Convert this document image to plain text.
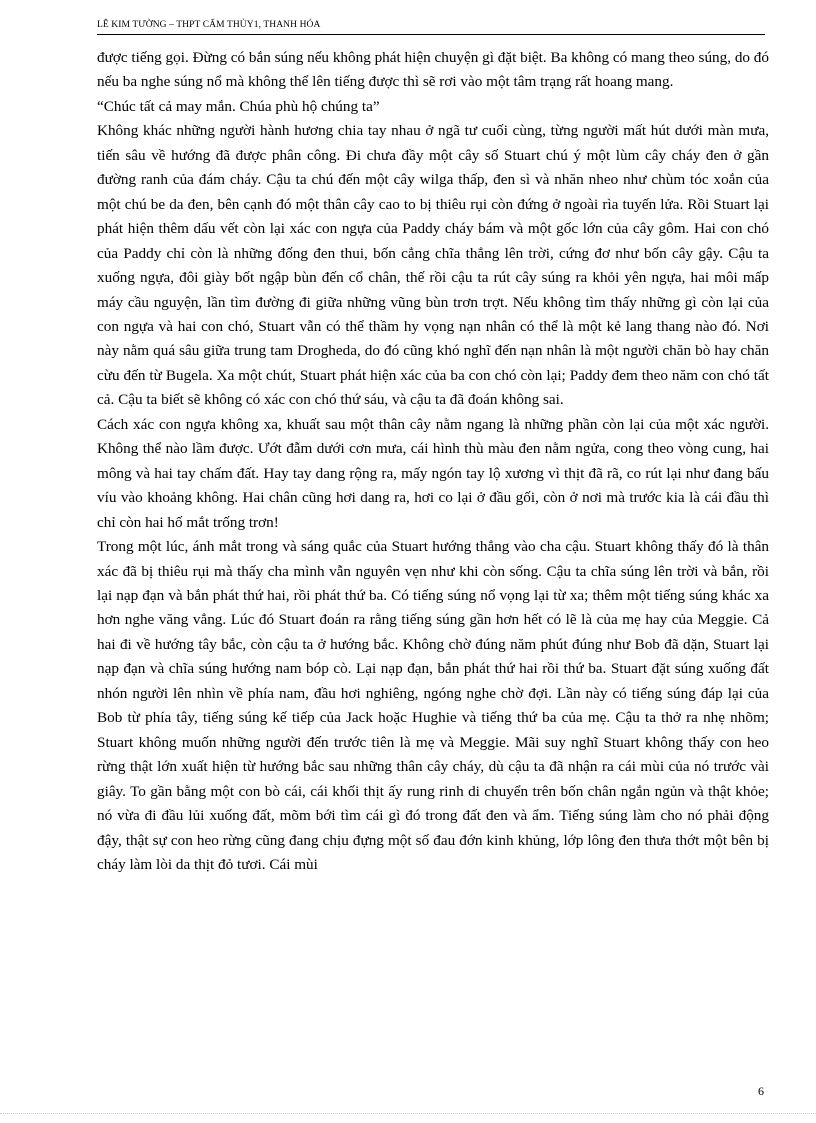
LÊ KIM TƯỜNG – THPT CẨM THỦY1, THANH HÓA

được tiếng gọi. Đừng có bắn súng nếu không phát hiện chuyện gì đặt biệt. Ba không có mang theo súng, do đó nếu ba nghe súng nổ mà không thể lên tiếng được thì sẽ rơi vào một tâm trạng rất hoang mang.

“Chúc tất cả may mắn. Chúa phù hộ chúng ta”

Không khác những người hành hương chia tay nhau ở ngã tư cuối cùng, từng người mất hút dưới màn mưa, tiến sâu về hướng đã được phân công. Đi chưa đầy một cây số Stuart chú ý một lùm cây cháy đen ở gần đường ranh của đám cháy. Cậu ta chú đến một cây wilga thấp, đen sì và nhăn nheo như chùm tóc xoắn của một chú be da đen, bên cạnh đó một thân cây cao to bị thiêu rụi còn đứng ở ngoài rìa tuyến lửa. Rồi Stuart lại phát hiện thêm dấu vết còn lại xác con ngựa của Paddy cháy bám và một gốc lớn của cây gôm. Hai con chó của Paddy chỉ còn là những đống đen thui, bốn cẳng chĩa thẳng lên trời, cứng đơ như bốn cây gậy. Cậu ta xuống ngựa, đôi giày bốt ngập bùn đến cổ chân, thế rồi cậu ta rút cây súng ra khỏi yên ngựa, hai môi mấp máy cầu nguyện, lần tìm đường đi giữa những vũng bùn trơn trợt. Nếu không tìm thấy những gì còn lại của con ngựa và hai con chó, Stuart vẫn có thể thầm hy vọng nạn nhân có thể là một kẻ lang thang nào đó. Nơi này nằm quá sâu giữa trung tam Drogheda, do đó cũng khó nghĩ đến nạn nhân là một người chăn bò hay chăn cừu đến từ Bugela. Xa một chút, Stuart phát hiện xác của ba con chó còn lại; Paddy đem theo năm con chó tất cả. Cậu ta biết sẽ không có xác con chó thứ sáu, và cậu ta đã đoán không sai.

Cách xác con ngựa không xa, khuất sau một thân cây nằm ngang là những phần còn lại của một xác người. Không thể nào lầm được. Ướt đẫm dưới cơn mưa, cái hình thù màu đen nằm ngửa, cong theo vòng cung, hai mông và hai tay chấm đất. Hay tay dang rộng ra, mấy ngón tay lộ xương vì thịt đã rã, co rút lại như đang bấu víu vào khoảng không. Hai chân cũng hơi dang ra, hơi co lại ở đầu gối, còn ở nơi mà trước kia là cái đầu thì chỉ còn hai hố mắt trống trơn!

Trong một lúc, ánh mắt trong và sáng quắc của Stuart hướng thẳng vào cha cậu. Stuart không thấy đó là thân xác đã bị thiêu rụi mà thấy cha mình vẫn nguyên vẹn như khi còn sống. Cậu ta chĩa súng lên trời và bắn, rồi lại nạp đạn và bắn phát thứ hai, rồi phát thứ ba. Có tiếng súng nổ vọng lại từ xa; thêm một tiếng súng khác xa hơn nghe văng vẳng. Lúc đó Stuart đoán ra rằng tiếng súng gần hơn hết có lẽ là của mẹ hay của Meggie. Cả hai đi về hướng tây bắc, còn cậu ta ở hướng bắc. Không chờ đúng năm phút đúng như Bob đã dặn, Stuart lại nạp đạn và chĩa súng hướng nam bóp cò. Lại nạp đạn, bắn phát thứ hai rồi thứ ba. Stuart đặt súng xuống đất nhón người lên nhìn về phía nam, đầu hơi nghiêng, ngóng nghe chờ đợi. Lần này có tiếng súng đáp lại của Bob từ phía tây, tiếng súng kế tiếp của Jack hoặc Hughie và tiếng thứ ba của mẹ. Cậu ta thở ra nhẹ nhõm; Stuart không muốn những người đến trước tiên là mẹ và Meggie. Mãi suy nghĩ Stuart không thấy con heo rừng thật lớn xuất hiện từ hướng bắc sau những thân cây cháy, dù cậu ta đã nhận ra cái mùi của nó trước vài giây. To gần bằng một con bò cái, cái khối thịt ấy rung rinh di chuyển trên bốn chân ngắn ngủn và thật khỏe; nó vừa đi đầu lủi xuống đất, mõm bới tìm cái gì đó trong đất đen và ẩm. Tiếng súng làm cho nó phải động đậy, thật sự con heo rừng cũng đang chịu đựng một số đau đớn kinh khủng, lớp lông đen thưa thớt một bên bị cháy làm lòi da thịt đỏ tươi. Cái mùi

6
